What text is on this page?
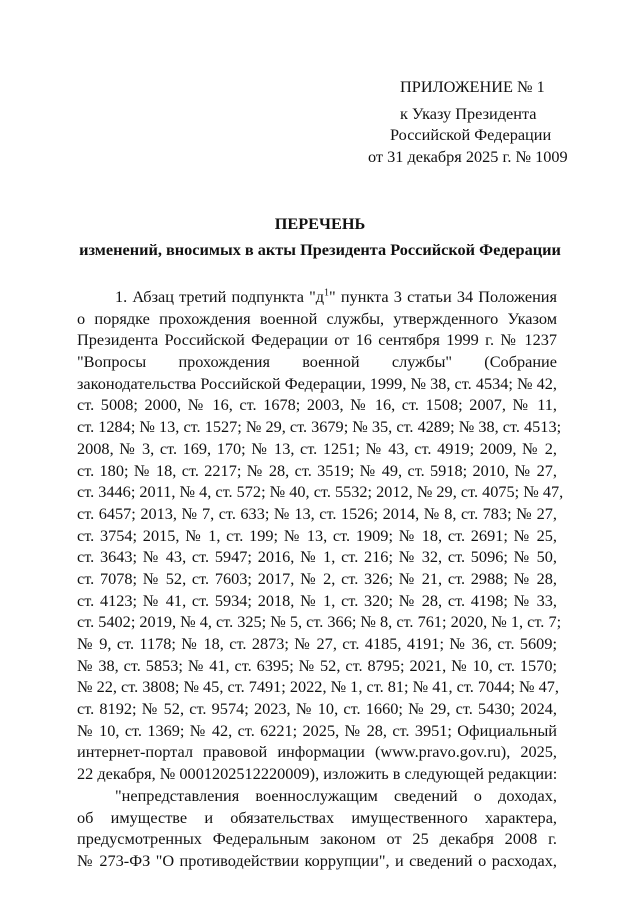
ПРИЛОЖЕНИЕ № 1
к Указу Президента
Российской Федерации
от 31 декабря 2025 г. № 1009
ПЕРЕЧЕНЬ
изменений, вносимых в акты Президента Российской Федерации
1. Абзац третий подпункта "$д^1$" пункта 3 статьи 34 Положения
о порядке прохождения военной службы, утвержденного Указом
Президента Российской Федерации от 16 сентября 1999 г. № 1237
"Вопросы прохождения военной службы" (Собрание
законодательства Российской Федерации, 1999, № 38, ст. 4534; № 42,
ст. 5008; 2000, № 16, ст. 1678; 2003, № 16, ст. 1508; 2007, № 11,
ст. 1284; № 13, ст. 1527; № 29, ст. 3679; № 35, ст. 4289; № 38, ст. 4513;
2008, № 3, ст. 169, 170; № 13, ст. 1251; № 43, ст. 4919; 2009, № 2,
ст. 180; № 18, ст. 2217; № 28, ст. 3519; № 49, ст. 5918; 2010, № 27,
ст. 3446; 2011, № 4, ст. 572; № 40, ст. 5532; 2012, № 29, ст. 4075; № 47,
ст. 6457; 2013, № 7, ст. 633; № 13, ст. 1526; 2014, № 8, ст. 783; № 27,
ст. 3754; 2015, № 1, ст. 199; № 13, ст. 1909; № 18, ст. 2691; № 25,
ст. 3643; № 43, ст. 5947; 2016, № 1, ст. 216; № 32, ст. 5096; № 50,
ст. 7078; № 52, ст. 7603; 2017, № 2, ст. 326; № 21, ст. 2988; № 28,
ст. 4123; № 41, ст. 5934; 2018, № 1, ст. 320; № 28, ст. 4198; № 33,
ст. 5402; 2019, № 4, ст. 325; № 5, ст. 366; № 8, ст. 761; 2020, № 1, ст. 7;
№ 9, ст. 1178; № 18, ст. 2873; № 27, ст. 4185, 4191; № 36, ст. 5609;
№ 38, ст. 5853; № 41, ст. 6395; № 52, ст. 8795; 2021, № 10, ст. 1570;
№ 22, ст. 3808; № 45, ст. 7491; 2022, № 1, ст. 81; № 41, ст. 7044; № 47,
ст. 8192; № 52, ст. 9574; 2023, № 10, ст. 1660; № 29, ст. 5430; 2024,
№ 10, ст. 1369; № 42, ст. 6221; 2025, № 28, ст. 3951; Официальный
интернет-портал правовой информации (www.pravo.gov.ru), 2025,
22 декабря, № 0001202512220009), изложить в следующей редакции:
"непредставления военнослужащим сведений о доходах,
об имуществе и обязательствах имущественного характера,
предусмотренных Федеральным законом от 25 декабря 2008 г.
№ 273-ФЗ "О противодействии коррупции", и сведений о расходах,
